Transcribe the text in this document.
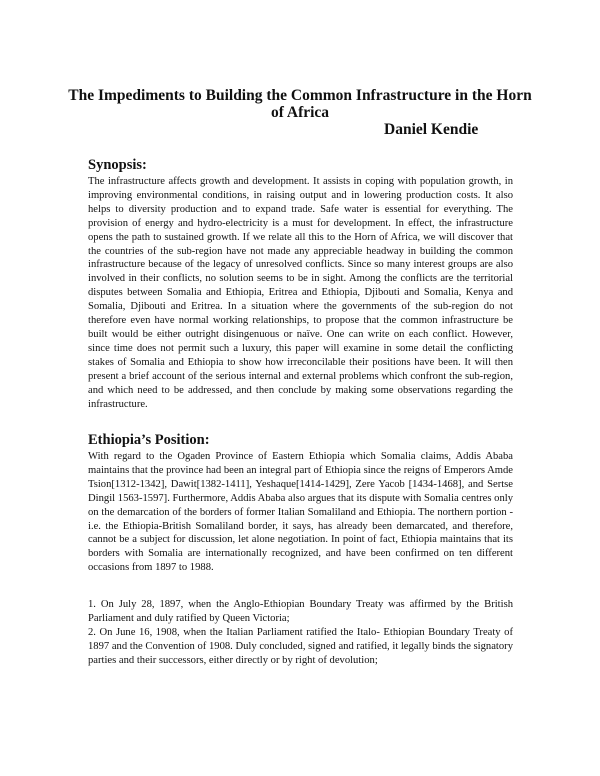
The Impediments to Building the Common Infrastructure in the Horn of Africa

Daniel Kendie

Synopsis:

The infrastructure affects growth and development. It assists in coping with population growth, in improving environmental conditions, in raising output and in lowering production costs. It also helps to diversity production and to expand trade. Safe water is essential for everything. The provision of energy and hydro-electricity is a must for development. In effect, the infrastructure opens the path to sustained growth. If we relate all this to the Horn of Africa, we will discover that the countries of the sub-region have not made any appreciable headway in building the common infrastructure because of the legacy of unresolved conflicts. Since so many interest groups are also involved in their conflicts, no solution seems to be in sight. Among the conflicts are the territorial disputes between Somalia and Ethiopia, Eritrea and Ethiopia, Djibouti and Somalia, Kenya and Somalia, Djibouti and Eritrea. In a situation where the governments of the sub-region do not therefore even have normal working relationships, to propose that the common infrastructure be built would be either outright disingenuous or naïve. One can write on each conflict. However, since time does not permit such a luxury, this paper will examine in some detail the conflicting stakes of Somalia and Ethiopia to show how irreconcilable their positions have been. It will then present a brief account of the serious internal and external problems which confront the sub-region, and which need to be addressed, and then conclude by making some observations regarding the infrastructure.

Ethiopia’s Position:

With regard to the Ogaden Province of Eastern Ethiopia which Somalia claims, Addis Ababa maintains that the province had been an integral part of Ethiopia since the reigns of Emperors Amde Tsion[1312-1342], Dawit[1382-1411], Yeshaque[1414-1429], Zere Yacob [1434-1468], and Sertse Dingil 1563-1597]. Furthermore, Addis Ababa also argues that its dispute with Somalia centres only on the demarcation of the borders of former Italian Somaliland and Ethiopia. The northern portion -i.e. the Ethiopia-British Somaliland border, it says, has already been demarcated, and therefore, cannot be a subject for discussion, let alone negotiation. In point of fact, Ethiopia maintains that its borders with Somalia are internationally recognized, and have been confirmed on ten different occasions from 1897 to 1988.

1. On July 28, 1897, when the Anglo-Ethiopian Boundary Treaty was affirmed by the British Parliament and duly ratified by Queen Victoria;

2. On June 16, 1908, when the Italian Parliament ratified the Italo- Ethiopian Boundary Treaty of 1897 and the Convention of 1908. Duly concluded, signed and ratified, it legally binds the signatory parties and their successors, either directly or by right of devolution;
